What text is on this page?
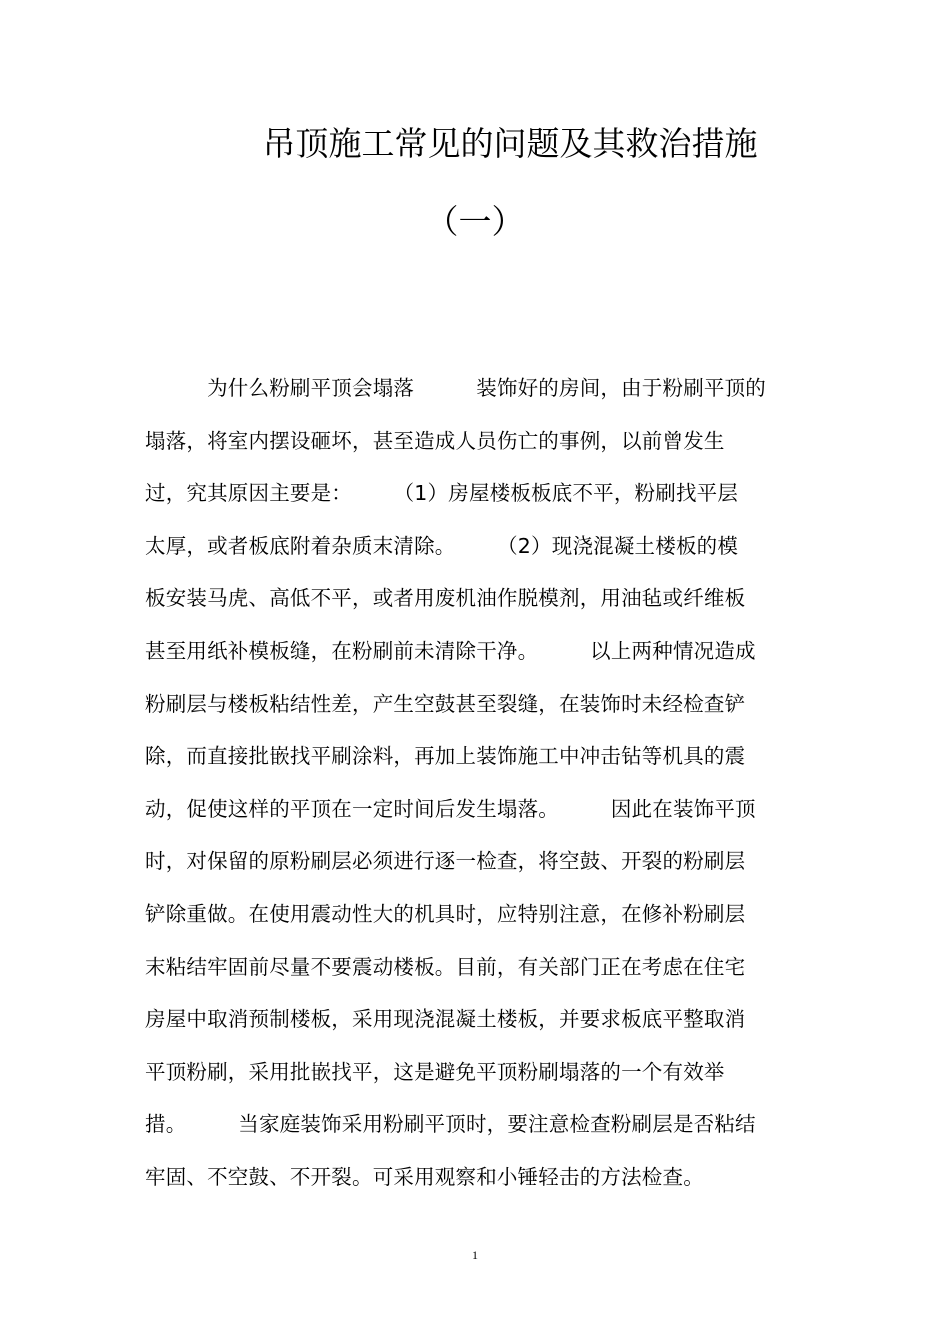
吊顶施工常见的问题及其救治措施
（一）
　　　为什么粉刷平顶会塌落　　　装饰好的房间，由于粉刷平顶的
塌落，将室内摆设砸坏，甚至造成人员伤亡的事例，以前曾发生
过，究其原因主要是：　　　（1）房屋楼板板底不平，粉刷找平层
太厚，或者板底附着杂质末清除。　　　（2）现浇混凝土楼板的模
板安装马虎、高低不平，或者用废机油作脱模剂，用油毡或纤维板
甚至用纸补模板缝，在粉刷前未清除干净。　　　以上两种情况造成
粉刷层与楼板粘结性差，产生空鼓甚至裂缝，在装饰时未经检查铲
除，而直接批嵌找平刷涂料，再加上装饰施工中冲击钻等机具的震
动，促使这样的平顶在一定时间后发生塌落。　　　因此在装饰平顶
时，对保留的原粉刷层必须进行逐一检查，将空鼓、开裂的粉刷层
铲除重做。在使用震动性大的机具时，应特别注意，在修补粉刷层
末粘结牢固前尽量不要震动楼板。目前，有关部门正在考虑在住宅
房屋中取消预制楼板，采用现浇混凝土楼板，并要求板底平整取消
平顶粉刷，采用批嵌找平，这是避免平顶粉刷塌落的一个有效举
措。　　　当家庭装饰采用粉刷平顶时，要注意检查粉刷层是否粘结
牢固、不空鼓、不开裂。可采用观察和小锤轻击的方法检查。
1
